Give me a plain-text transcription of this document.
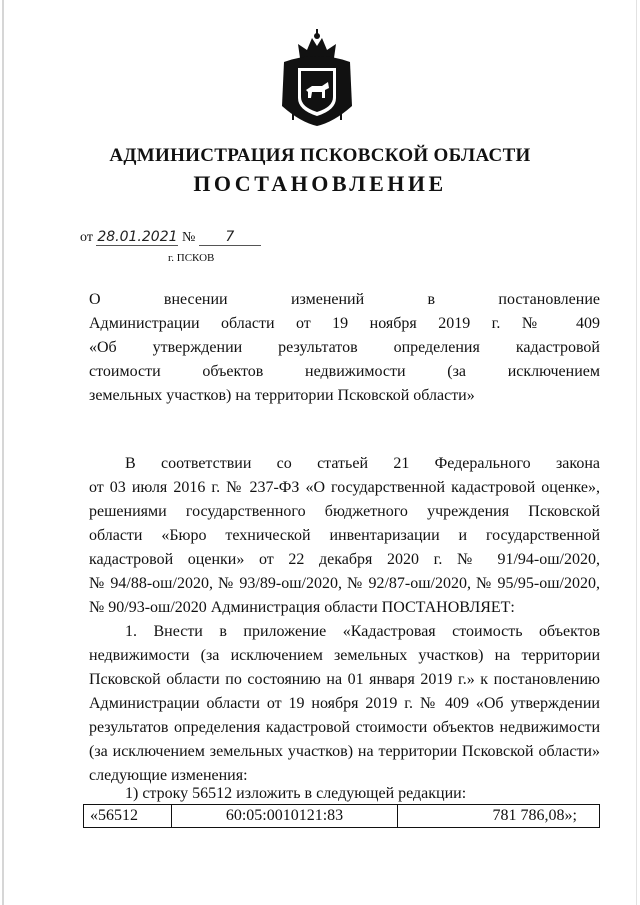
АДМИНИСТРАЦИЯ ПСКОВСКОЙ ОБЛАСТИ
ПОСТАНОВЛЕНИЕ
от 28.01.2021 № 7
г. ПСКОВ
О внесении изменений в постановление
Администрации области от 19 ноября 2019 г. № 409
«Об утверждении результатов определения кадастровой
стоимости объектов недвижимости (за исключением
земельных участков) на территории Псковской области»
В соответствии со статьей 21 Федерального закона
от 03 июля 2016 г. № 237-ФЗ «О государственной кадастровой оценке»,
решениями государственного бюджетного учреждения Псковской
области «Бюро технической инвентаризации и государственной
кадастровой оценки» от 22 декабря 2020 г. № 91/94-ош/2020,
№ 94/88-ош/2020, № 93/89-ош/2020, № 92/87-ош/2020, № 95/95-ош/2020,
№ 90/93-ош/2020 Администрация области ПОСТАНОВЛЯЕТ:
1. Внести в приложение «Кадастровая стоимость объектов
недвижимости (за исключением земельных участков) на территории
Псковской области по состоянию на 01 января 2019 г.» к постановлению
Администрации области от 19 ноября 2019 г. № 409 «Об утверждении
результатов определения кадастровой стоимости объектов недвижимости
(за исключением земельных участков) на территории Псковской области»
следующие изменения:
1) строку 56512 изложить в следующей редакции:
«56512	60:05:0010121:83	781 786,08»;
